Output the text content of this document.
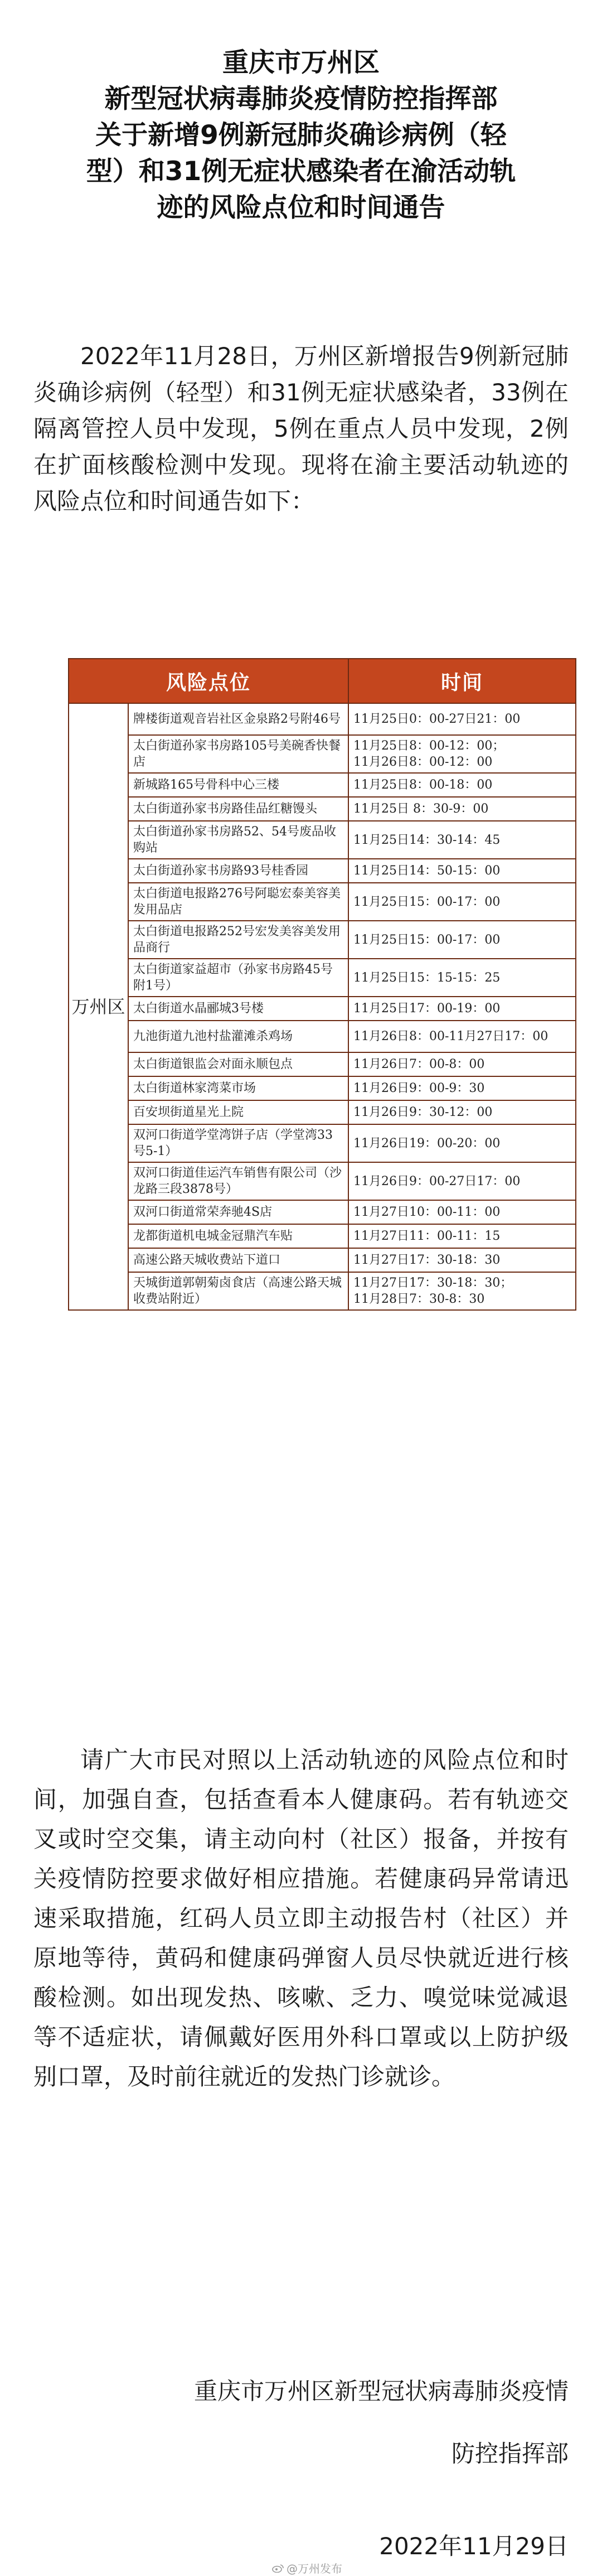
重庆市万州区
新型冠状病毒肺炎疫情防控指挥部
关于新增9例新冠肺炎确诊病例（轻
型）和31例无症状感染者在渝活动轨
迹的风险点位和时间通告

2022年11月28日，万州区新增报告9例新冠肺炎确诊病例（轻型）和31例无症状感染者，33例在隔离管控人员中发现，5例在重点人员中发现，2例在扩面核酸检测中发现。现将在渝主要活动轨迹的风险点位和时间通告如下：

风险点位		时间
万州区	牌楼街道观音岩社区金泉路2号附46号	11月25日0：00-27日21：00
	太白街道孙家书房路105号美碗香快餐店	11月25日8：00-12：00；
11月26日8：00-12：00
	新城路165号骨科中心三楼	11月25日8：00-18：00
	太白街道孙家书房路佳品红糖馒头	11月25日 8：30-9：00
	太白街道孙家书房路52、54号废品收购站	11月25日14：30-14：45
	太白街道孙家书房路93号桂香园	11月25日14：50-15：00
	太白街道电报路276号阿聪宏泰美容美发用品店	11月25日15：00-17：00
	太白街道电报路252号宏发美容美发用品商行	11月25日15：00-17：00
	太白街道家益超市（孙家书房路45号附1号）	11月25日15：15-15：25
	太白街道水晶郦城3号楼	11月25日17：00-19：00
	九池街道九池村盐灌滩杀鸡场	11月26日8：00-11月27日17：00
	太白街道银监会对面永顺包点	11月26日7：00-8：00
	太白街道林家湾菜市场	11月26日9：00-9：30
	百安坝街道星光上院	11月26日9：30-12：00
	双河口街道学堂湾饼子店（学堂湾33号5-1）	11月26日19：00-20：00
	双河口街道佳运汽车销售有限公司（沙龙路三段3878号）	11月26日9：00-27日17：00
	双河口街道常荣奔驰4S店	11月27日10：00-11：00
	龙都街道机电城金冠鼎汽车贴	11月27日11：00-11：15
	高速公路天城收费站下道口	11月27日17：30-18：30
	天城街道郭朝菊卤食店（高速公路天城收费站附近）	11月27日17：30-18：30；
11月28日7：30-8：30

请广大市民对照以上活动轨迹的风险点位和时间，加强自查，包括查看本人健康码。若有轨迹交叉或时空交集，请主动向村（社区）报备，并按有关疫情防控要求做好相应措施。若健康码异常请迅速采取措施，红码人员立即主动报告村（社区）并原地等待，黄码和健康码弹窗人员尽快就近进行核酸检测。如出现发热、咳嗽、乏力、嗅觉味觉减退等不适症状，请佩戴好医用外科口罩或以上防护级别口罩，及时前往就近的发热门诊就诊。

重庆市万州区新型冠状病毒肺炎疫情
防控指挥部
2022年11月29日
@万州发布
